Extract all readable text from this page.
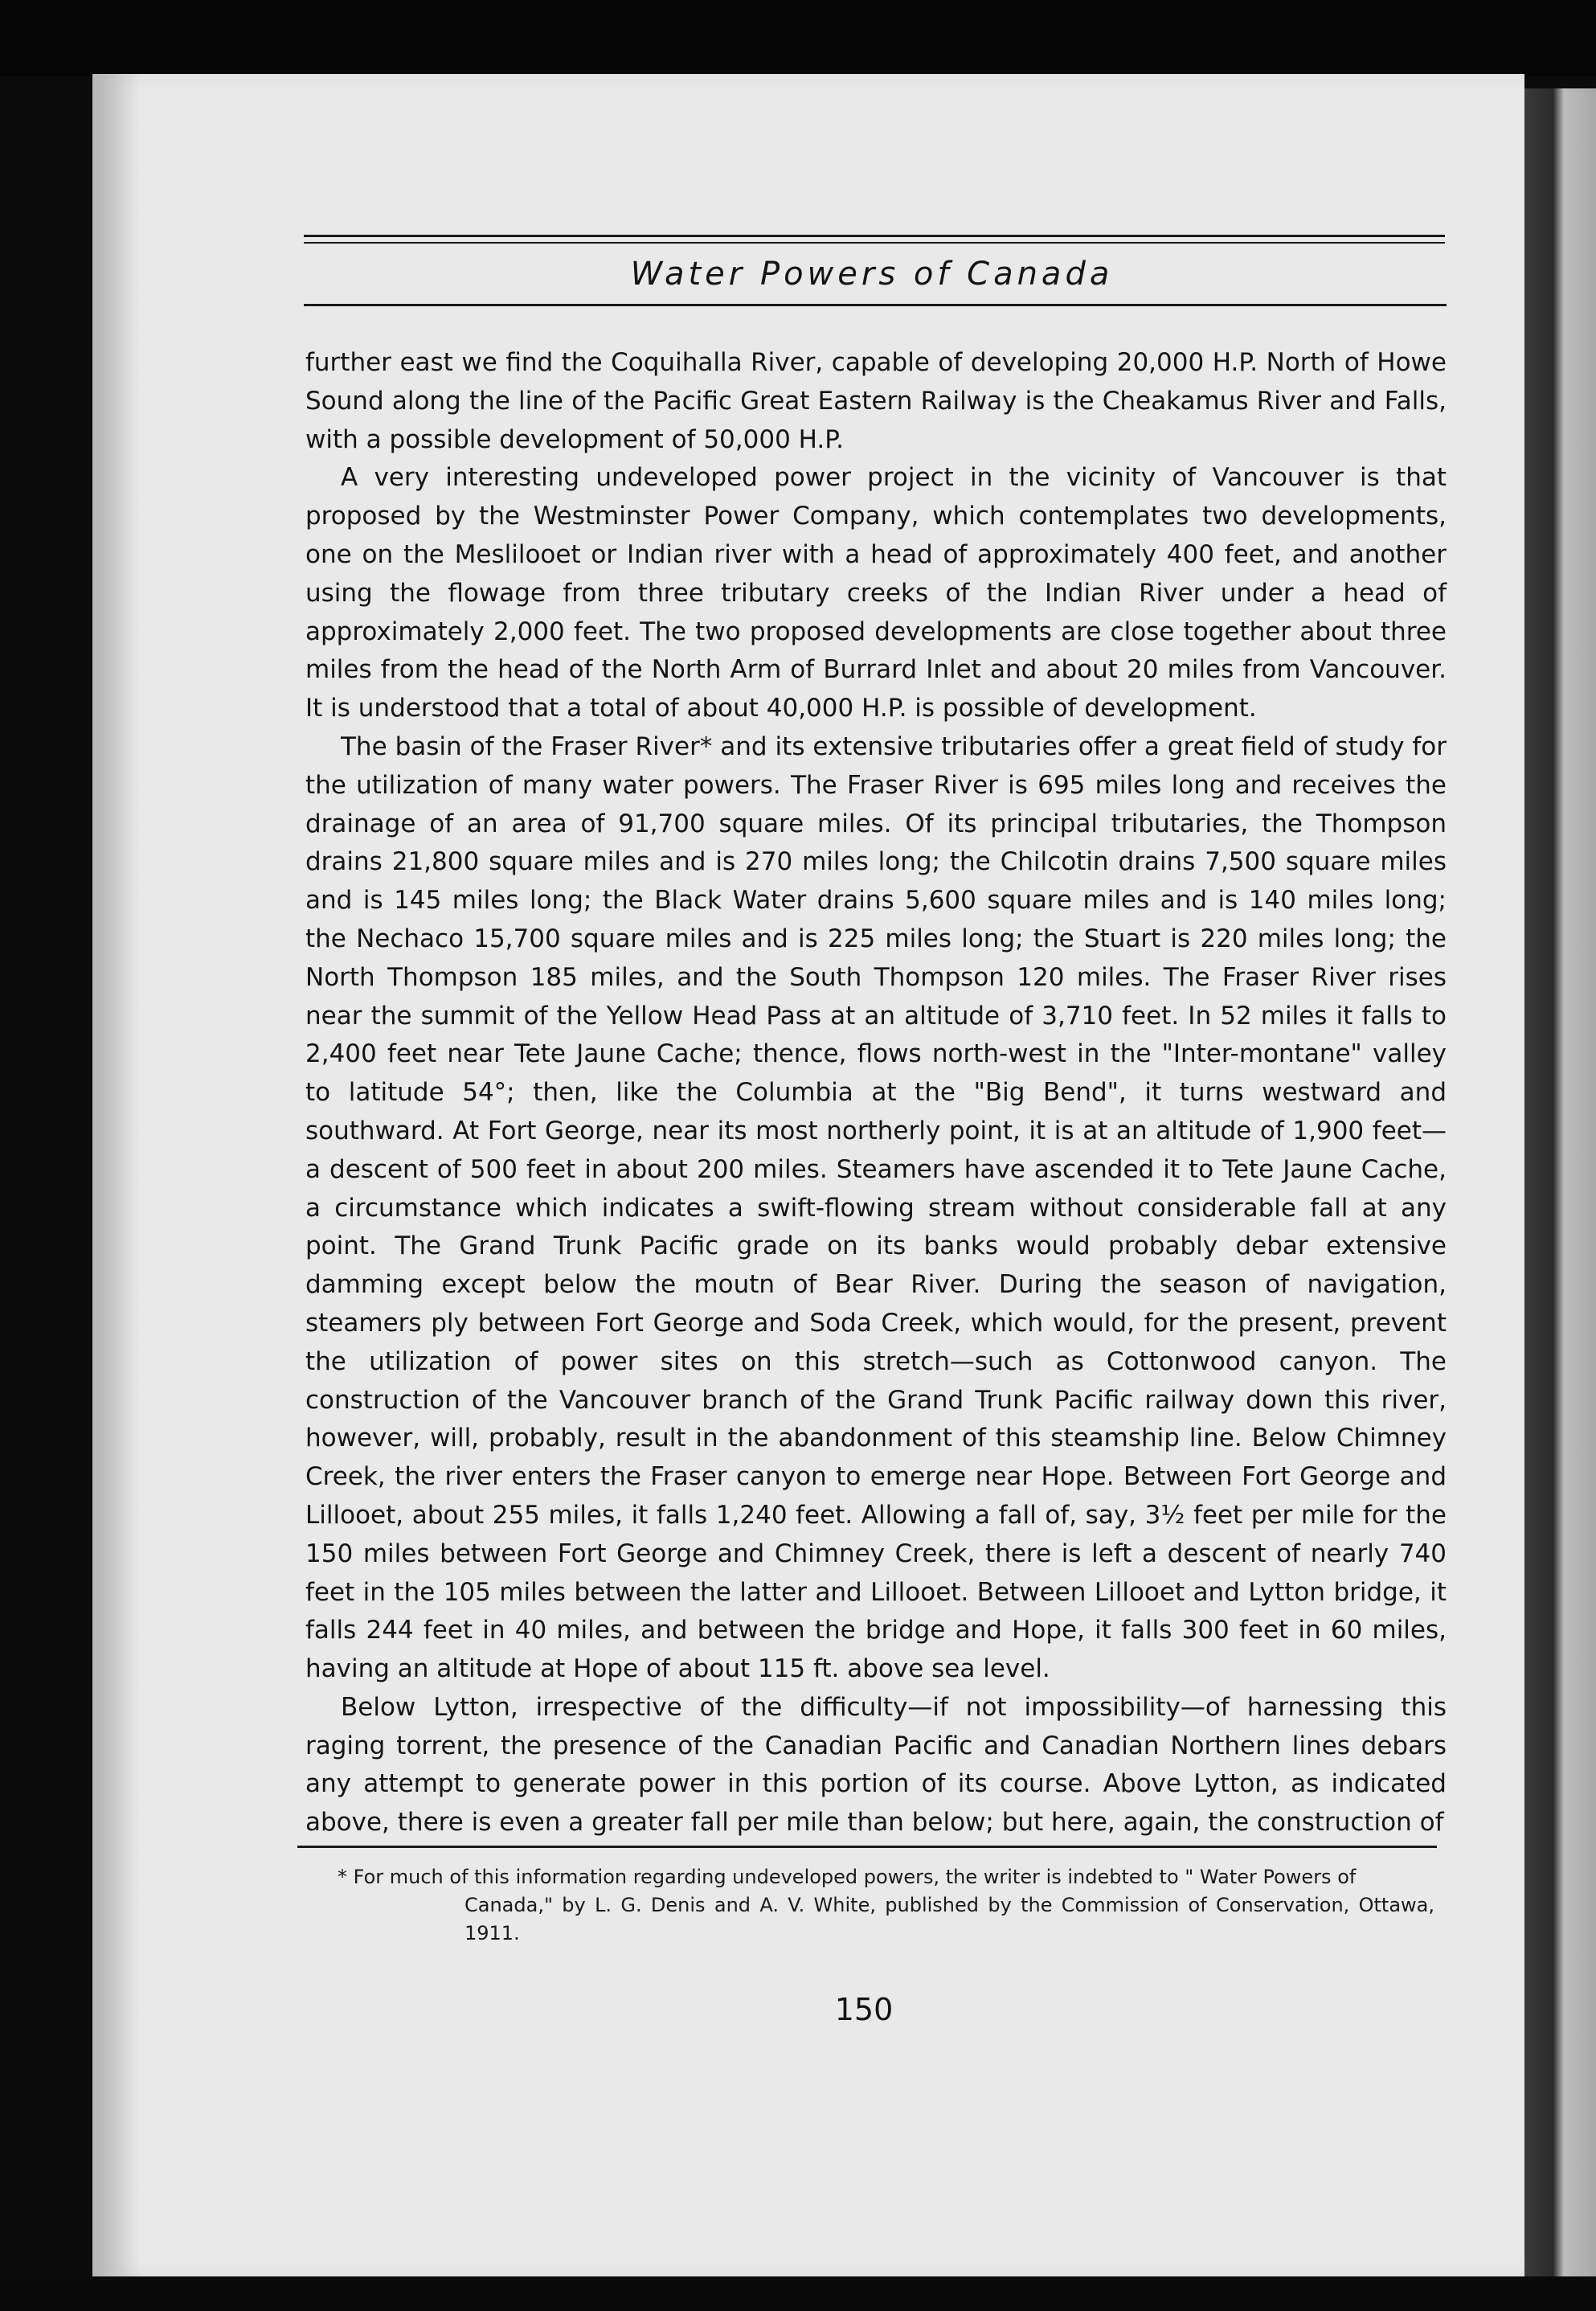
Water Powers of Canada

further east we find the Coquihalla River, capable of developing 20,000 H.P. North of Howe Sound along the line of the Pacific Great Eastern Railway is the Cheakamus River and Falls, with a possible development of 50,000 H.P.

A very interesting undeveloped power project in the vicinity of Vancouver is that proposed by the Westminster Power Company, which contemplates two developments, one on the Meslilooet or Indian river with a head of approximately 400 feet, and another using the flowage from three tributary creeks of the Indian River under a head of approximately 2,000 feet. The two proposed developments are close together about three miles from the head of the North Arm of Burrard Inlet and about 20 miles from Vancouver. It is understood that a total of about 40,000 H.P. is possible of development.

The basin of the Fraser River* and its extensive tributaries offer a great field of study for the utilization of many water powers. The Fraser River is 695 miles long and receives the drainage of an area of 91,700 square miles. Of its principal tributaries, the Thompson drains 21,800 square miles and is 270 miles long; the Chilcotin drains 7,500 square miles and is 145 miles long; the Black Water drains 5,600 square miles and is 140 miles long; the Nechaco 15,700 square miles and is 225 miles long; the Stuart is 220 miles long; the North Thompson 185 miles, and the South Thompson 120 miles. The Fraser River rises near the summit of the Yellow Head Pass at an altitude of 3,710 feet. In 52 miles it falls to 2,400 feet near Tete Jaune Cache; thence, flows north-west in the "Inter-montane" valley to latitude 54°; then, like the Columbia at the "Big Bend", it turns westward and southward. At Fort George, near its most northerly point, it is at an altitude of 1,900 feet—a descent of 500 feet in about 200 miles. Steamers have ascended it to Tete Jaune Cache, a circumstance which indicates a swift-flowing stream without considerable fall at any point. The Grand Trunk Pacific grade on its banks would probably debar extensive damming except below the moutn of Bear River. During the season of navigation, steamers ply between Fort George and Soda Creek, which would, for the present, prevent the utilization of power sites on this stretch—such as Cottonwood canyon. The construction of the Vancouver branch of the Grand Trunk Pacific railway down this river, however, will, probably, result in the abandonment of this steamship line. Below Chimney Creek, the river enters the Fraser canyon to emerge near Hope. Between Fort George and Lillooet, about 255 miles, it falls 1,240 feet. Allowing a fall of, say, 3½ feet per mile for the 150 miles between Fort George and Chimney Creek, there is left a descent of nearly 740 feet in the 105 miles between the latter and Lillooet. Between Lillooet and Lytton bridge, it falls 244 feet in 40 miles, and between the bridge and Hope, it falls 300 feet in 60 miles, having an altitude at Hope of about 115 ft. above sea level.

Below Lytton, irrespective of the difficulty—if not impossibility—of harnessing this raging torrent, the presence of the Canadian Pacific and Canadian Northern lines debars any attempt to generate power in this portion of its course. Above Lytton, as indicated above, there is even a greater fall per mile than below; but here, again, the construction of

* For much of this information regarding undeveloped powers, the writer is indebted to " Water Powers of
Canada," by L. G. Denis and A. V. White, published by the Commission of Conservation, Ottawa, 1911.
150
